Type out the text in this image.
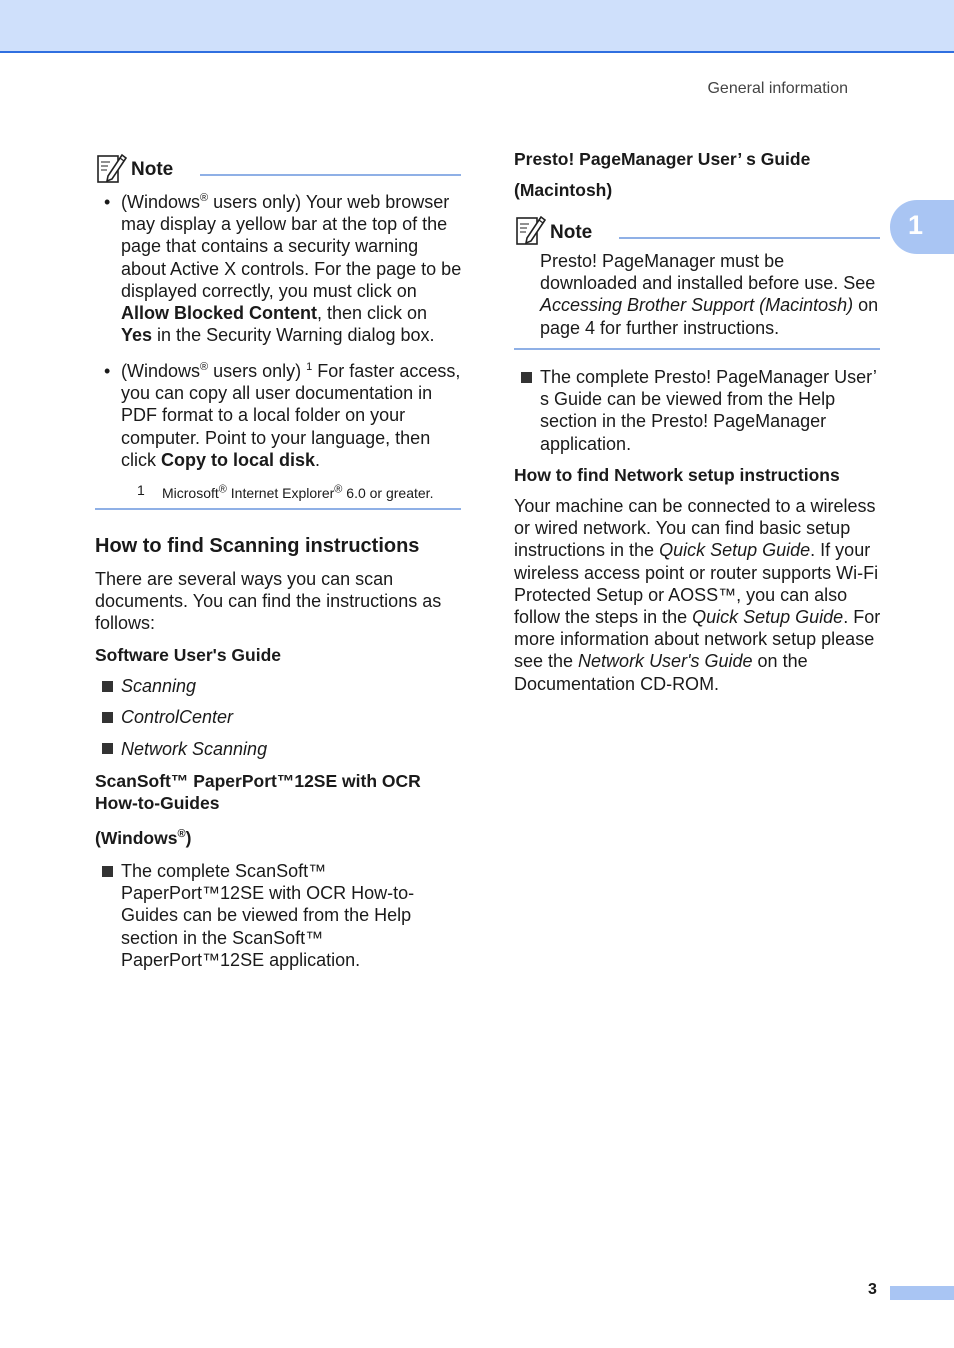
General information
1
3
Note
• (Windows® users only) Your web browser may display a yellow bar at the top of the page that contains a security warning about Active X controls. For the page to be displayed correctly, you must click on Allow Blocked Content, then click on Yes in the Security Warning dialog box.
• (Windows® users only) $^1$ For faster access, you can copy all user documentation in PDF format to a local folder on your computer. Point to your language, then click Copy to local disk.
1 Microsoft® Internet Explorer® 6.0 or greater.
How to find Scanning instructions
There are several ways you can scan documents. You can find the instructions as follows:
Software User's Guide
Scanning
ControlCenter
Network Scanning
ScanSoft™ PaperPort™12SE with OCR
How-to-Guides
(Windows®)
The complete ScanSoft™ PaperPort™12SE with OCR How-to-Guides can be viewed from the Help section in the ScanSoft™ PaperPort™12SE application.
Presto! PageManager User’ s Guide
(Macintosh)
Note
Presto! PageManager must be downloaded and installed before use. See Accessing Brother Support (Macintosh) on page 4 for further instructions.
The complete Presto! PageManager User’ s Guide can be viewed from the Help section in the Presto! PageManager application.
How to find Network setup instructions
Your machine can be connected to a wireless or wired network. You can find basic setup instructions in the Quick Setup Guide. If your wireless access point or router supports Wi-Fi Protected Setup or AOSS™, you can also follow the steps in the Quick Setup Guide. For more information about network setup please see the Network User's Guide on the Documentation CD-ROM.
